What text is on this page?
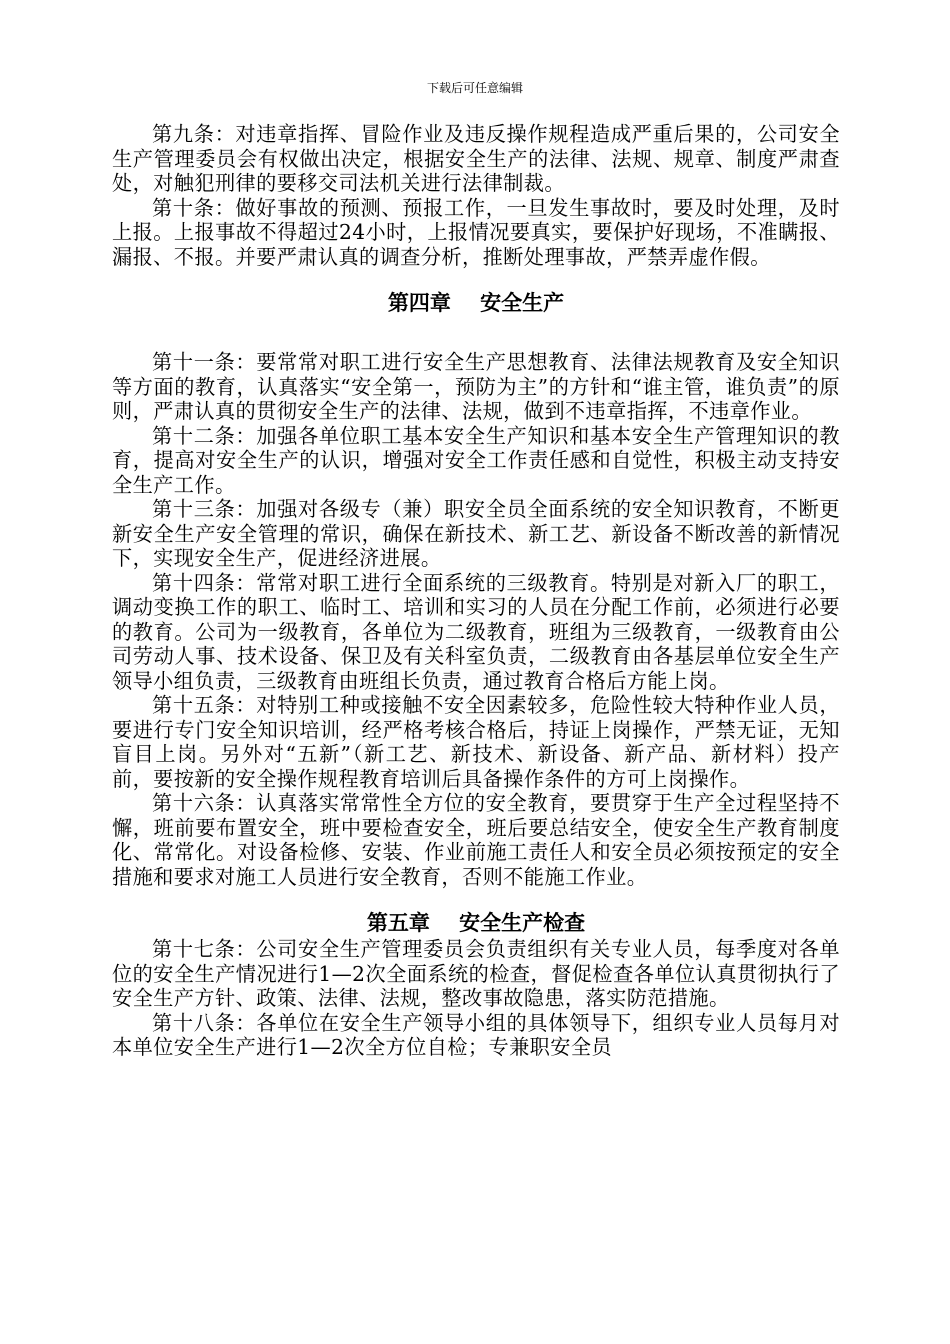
下载后可任意编辑

第九条：对违章指挥、冒险作业及违反操作规程造成严重后果的，公司安全生产管理委员会有权做出决定，根据安全生产的法律、法规、规章、制度严肃查处，对触犯刑律的要移交司法机关进行法律制裁。

第十条：做好事故的预测、预报工作，一旦发生事故时，要及时处理，及时上报。上报事故不得超过24小时，上报情况要真实，要保护好现场，不准瞒报、漏报、不报。并要严肃认真的调查分析，推断处理事故，严禁弄虚作假。

第四章    安全生产

第十一条：要常常对职工进行安全生产思想教育、法律法规教育及安全知识等方面的教育，认真落实“安全第一，预防为主”的方针和“谁主管，谁负责”的原则，严肃认真的贯彻安全生产的法律、法规，做到不违章指挥，不违章作业。

第十二条：加强各单位职工基本安全生产知识和基本安全生产管理知识的教育，提高对安全生产的认识，增强对安全工作责任感和自觉性，积极主动支持安全生产工作。

第十三条：加强对各级专（兼）职安全员全面系统的安全知识教育，不断更新安全生产安全管理的常识，确保在新技术、新工艺、新设备不断改善的新情况下，实现安全生产，促进经济进展。

第十四条：常常对职工进行全面系统的三级教育。特别是对新入厂的职工，调动变换工作的职工、临时工、培训和实习的人员在分配工作前，必须进行必要的教育。公司为一级教育，各单位为二级教育，班组为三级教育，一级教育由公司劳动人事、技术设备、保卫及有关科室负责，二级教育由各基层单位安全生产领导小组负责，三级教育由班组长负责，通过教育合格后方能上岗。

第十五条：对特别工种或接触不安全因素较多，危险性较大特种作业人员，要进行专门安全知识培训，经严格考核合格后，持证上岗操作，严禁无证，无知盲目上岗。另外对“五新”（新工艺、新技术、新设备、新产品、新材料）投产前，要按新的安全操作规程教育培训后具备操作条件的方可上岗操作。

第十六条：认真落实常常性全方位的安全教育，要贯穿于生产全过程坚持不懈，班前要布置安全，班中要检查安全，班后要总结安全，使安全生产教育制度化、常常化。对设备检修、安装、作业前施工责任人和安全员必须按预定的安全措施和要求对施工人员进行安全教育，否则不能施工作业。

第五章    安全生产检查

第十七条：公司安全生产管理委员会负责组织有关专业人员，每季度对各单位的安全生产情况进行1—2次全面系统的检查，督促检查各单位认真贯彻执行了安全生产方针、政策、法律、法规，整改事故隐患，落实防范措施。

第十八条：各单位在安全生产领导小组的具体领导下，组织专业人员每月对本单位安全生产进行1—2次全方位自检；专兼职安全员
